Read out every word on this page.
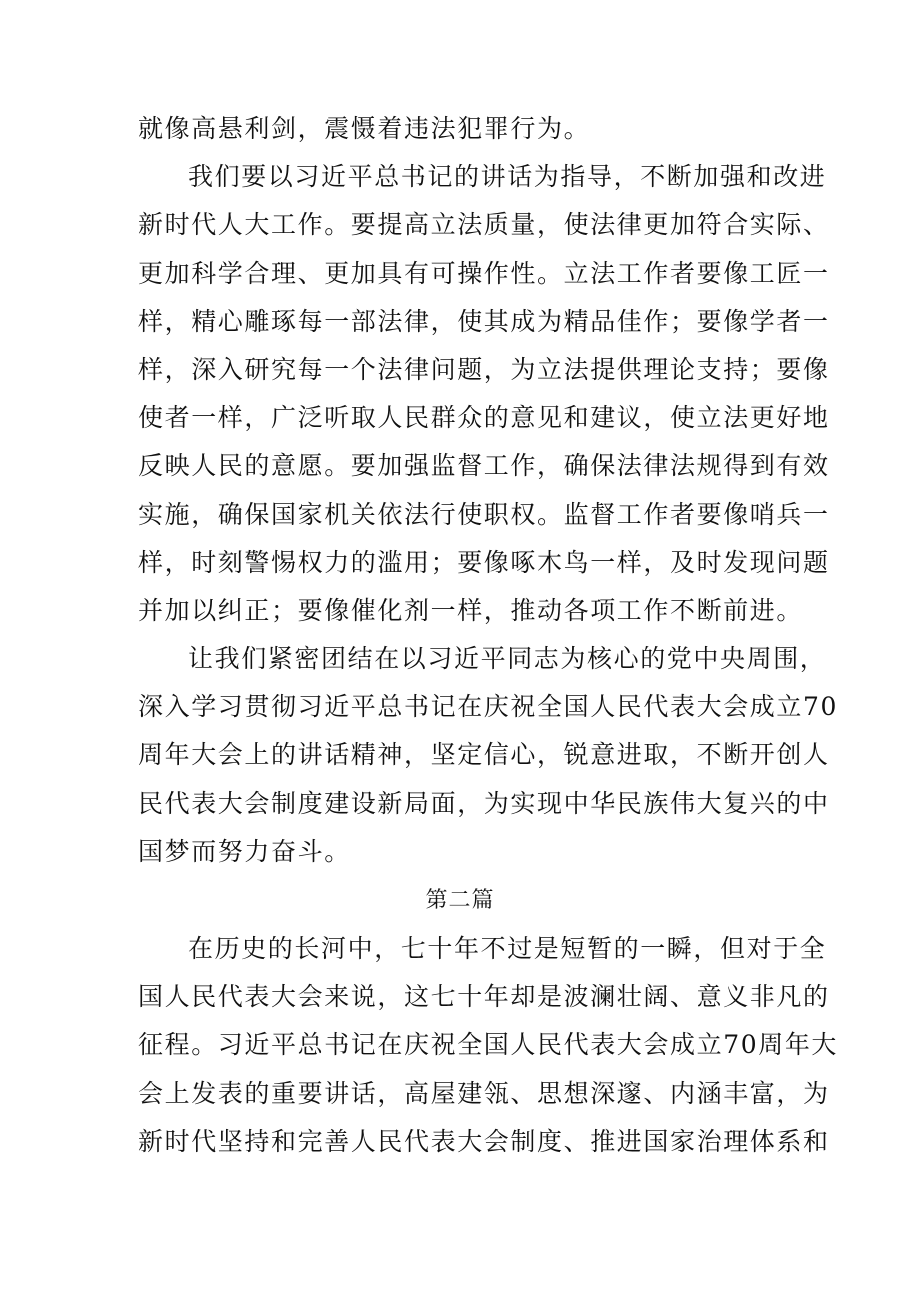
就像高悬利剑，震慑着违法犯罪行为。
我们要以习近平总书记的讲话为指导，不断加强和改进
新时代人大工作。要提高立法质量，使法律更加符合实际、
更加科学合理、更加具有可操作性。立法工作者要像工匠一
样，精心雕琢每一部法律，使其成为精品佳作；要像学者一
样，深入研究每一个法律问题，为立法提供理论支持；要像
使者一样，广泛听取人民群众的意见和建议，使立法更好地
反映人民的意愿。要加强监督工作，确保法律法规得到有效
实施，确保国家机关依法行使职权。监督工作者要像哨兵一
样，时刻警惕权力的滥用；要像啄木鸟一样，及时发现问题
并加以纠正；要像催化剂一样，推动各项工作不断前进。
让我们紧密团结在以习近平同志为核心的党中央周围，
深入学习贯彻习近平总书记在庆祝全国人民代表大会成立70
周年大会上的讲话精神，坚定信心，锐意进取，不断开创人
民代表大会制度建设新局面，为实现中华民族伟大复兴的中
国梦而努力奋斗。
第二篇
在历史的长河中，七十年不过是短暂的一瞬，但对于全
国人民代表大会来说，这七十年却是波澜壮阔、意义非凡的
征程。习近平总书记在庆祝全国人民代表大会成立70周年大
会上发表的重要讲话，高屋建瓴、思想深邃、内涵丰富，为
新时代坚持和完善人民代表大会制度、推进国家治理体系和
